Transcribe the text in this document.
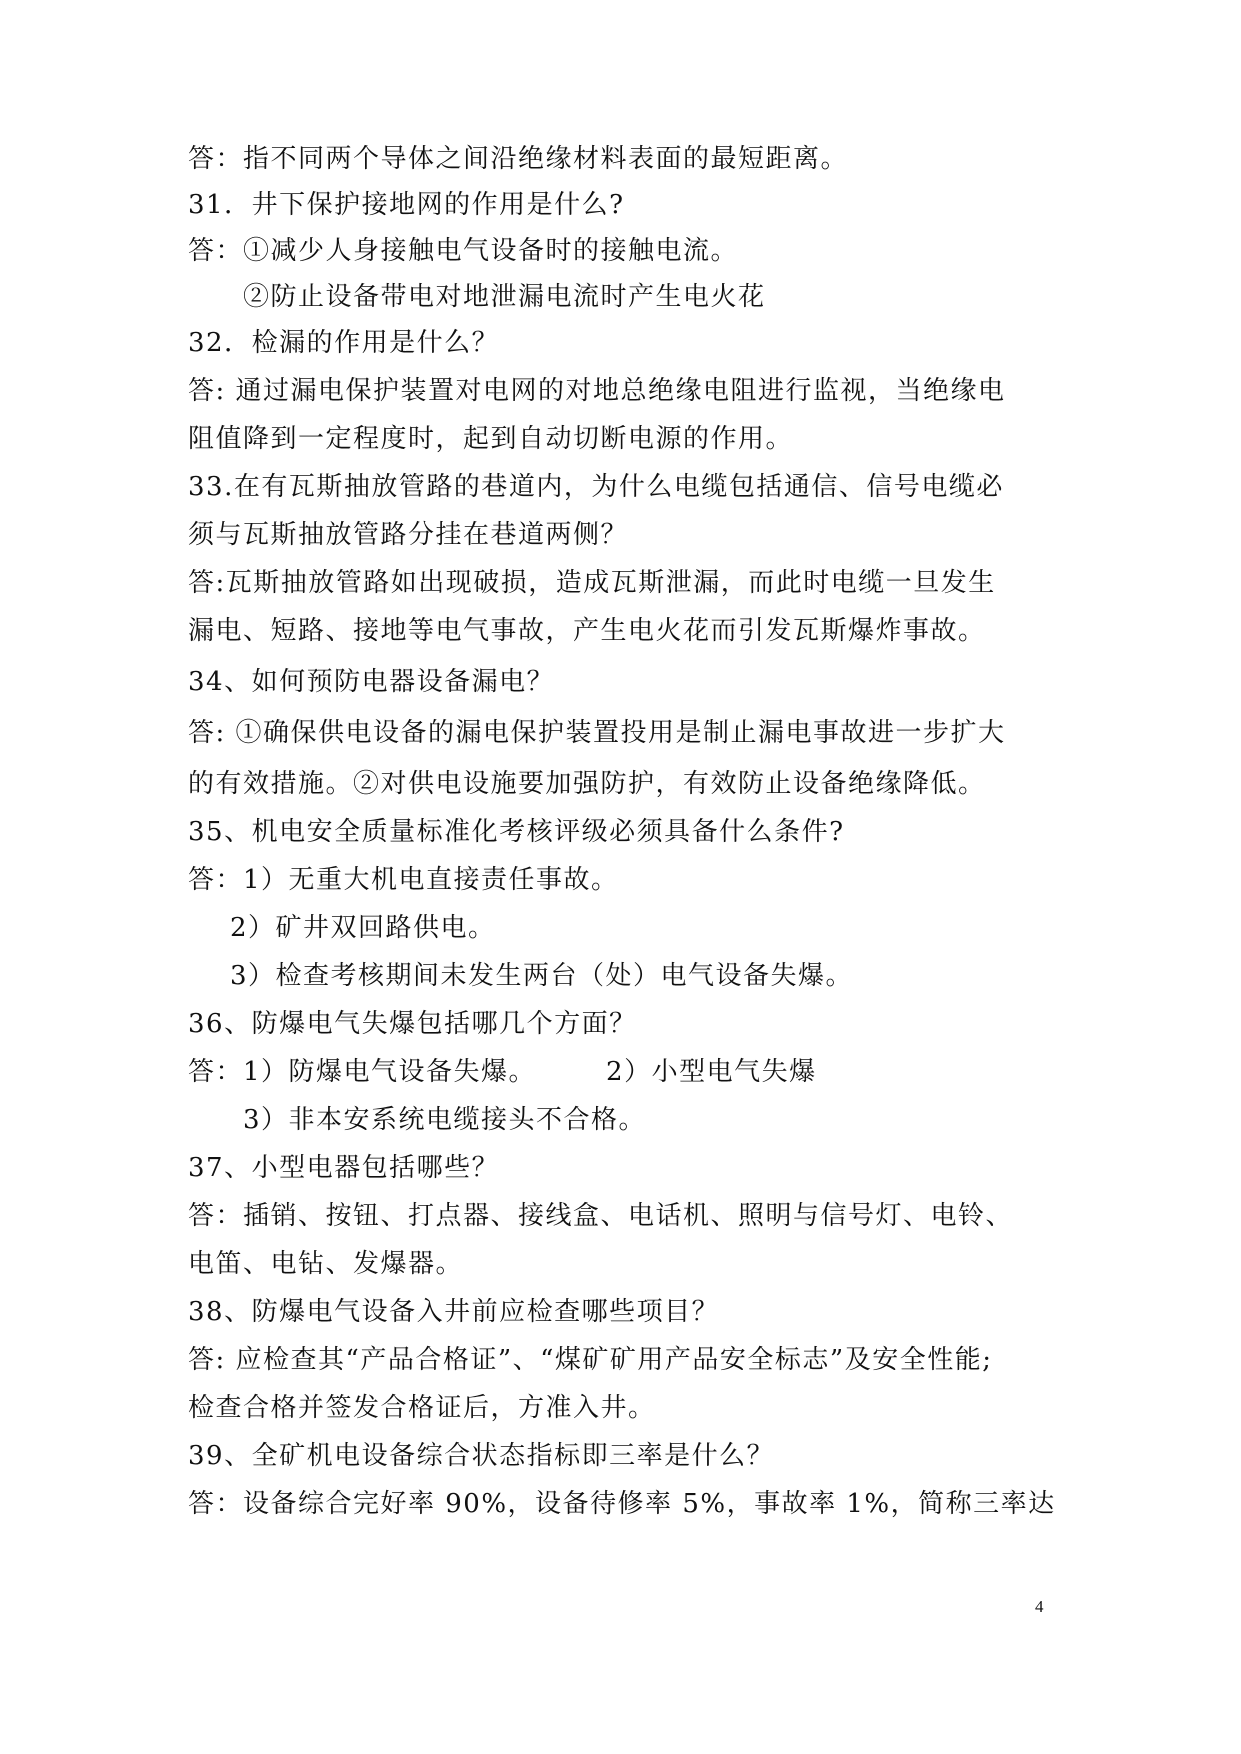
答：指不同两个导体之间沿绝缘材料表面的最短距离。
31．井下保护接地网的作用是什么?
答：①减少人身接触电气设备时的接触电流。
②防止设备带电对地泄漏电流时产生电火花
32．检漏的作用是什么？
答: 通过漏电保护装置对电网的对地总绝缘电阻进行监视，当绝缘电
阻值降到一定程度时，起到自动切断电源的作用。
33.在有瓦斯抽放管路的巷道内，为什么电缆包括通信、信号电缆必
须与瓦斯抽放管路分挂在巷道两侧？
答:瓦斯抽放管路如出现破损，造成瓦斯泄漏，而此时电缆一旦发生
漏电、短路、接地等电气事故，产生电火花而引发瓦斯爆炸事故。
34、如何预防电器设备漏电？
答: ①确保供电设备的漏电保护装置投用是制止漏电事故进一步扩大
的有效措施。②对供电设施要加强防护，有效防止设备绝缘降低。
35、机电安全质量标准化考核评级必须具备什么条件?
答：1）无重大机电直接责任事故。
2）矿井双回路供电。
3）检查考核期间未发生两台（处）电气设备失爆。
36、防爆电气失爆包括哪几个方面？
答：1）防爆电气设备失爆。	2）小型电气失爆
3）非本安系统电缆接头不合格。
37、小型电器包括哪些？
答：插销、按钮、打点器、接线盒、电话机、照明与信号灯、电铃、
电笛、电钻、发爆器。
38、防爆电气设备入井前应检查哪些项目？
答: 应检查其“产品合格证”、“煤矿矿用产品安全标志”及安全性能;
检查合格并签发合格证后，方准入井。
39、全矿机电设备综合状态指标即三率是什么？
答：设备综合完好率 90%，设备待修率 5%，事故率 1%，简称三率达
4
